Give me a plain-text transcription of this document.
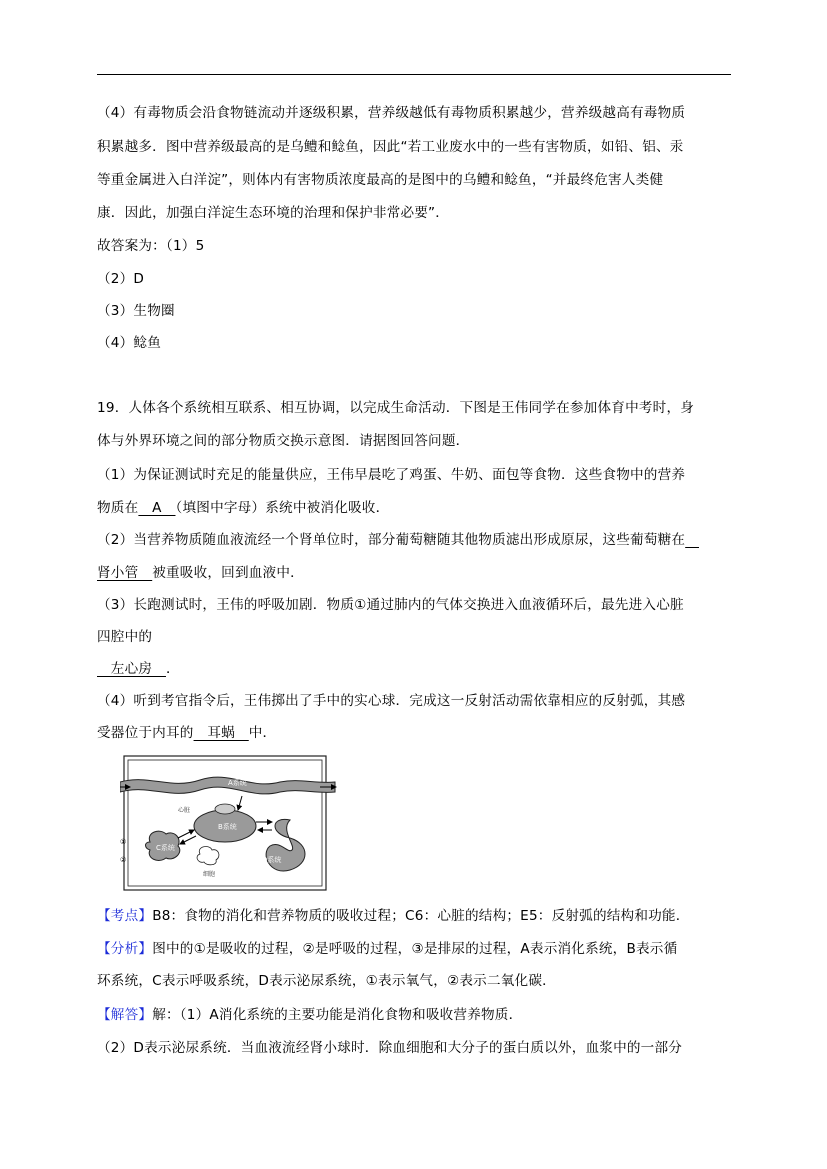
（4）有毒物质会沿食物链流动并逐级积累，营养级越低有毒物质积累越少，营养级越高有毒物质
积累越多．图中营养级最高的是乌鳢和鲶鱼，因此“若工业废水中的一些有害物质，如铅、铝、汞
等重金属进入白洋淀”，则体内有害物质浓度最高的是图中的乌鳢和鲶鱼，“并最终危害人类健
康．因此，加强白洋淀生态环境的治理和保护非常必要”．
故答案为：（1）5
（2）D
（3）生物圈
（4）鲶鱼
19．人体各个系统相互联系、相互协调，以完成生命活动．下图是王伟同学在参加体育中考时，身
体与外界环境之间的部分物质交换示意图．请据图回答问题．
（1）为保证测试时充足的能量供应，王伟早晨吃了鸡蛋、牛奶、面包等食物．这些食物中的营养
物质在　A　（填图中字母）系统中被消化吸收．
（2）当营养物质随血液流经一个肾单位时，部分葡萄糖随其他物质滤出形成原尿，这些葡萄糖在　
肾小管　被重吸收，回到血液中．
（3）长跑测试时，王伟的呼吸加剧．物质①通过肺内的气体交换进入血液循环后，最先进入心脏
四腔中的
　左心房　．
（4）听到考官指令后，王伟掷出了手中的实心球．完成这一反射活动需依靠相应的反射弧，其感
受器位于内耳的　耳蜗　中．
A系统
B系统
心脏
C系统
D系统
细胞
①
②
【考点】B8：食物的消化和营养物质的吸收过程；C6：心脏的结构；E5：反射弧的结构和功能．
【分析】图中的①是吸收的过程，②是呼吸的过程，③是排尿的过程，A表示消化系统，B表示循
环系统，C表示呼吸系统，D表示泌尿系统，①表示氧气，②表示二氧化碳．
【解答】解：（1）A消化系统的主要功能是消化食物和吸收营养物质．
（2）D表示泌尿系统．当血液流经肾小球时．除血细胞和大分子的蛋白质以外，血浆中的一部分
